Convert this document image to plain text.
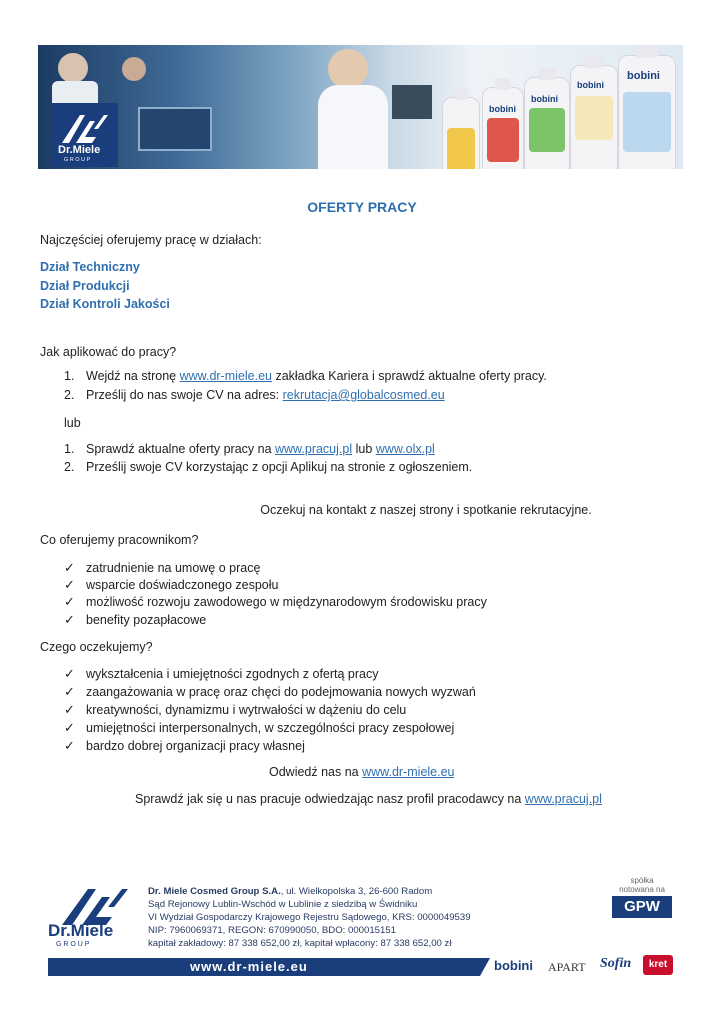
bobini
bobini
bobini
bobini
Dr.Miele
G R O U P
OFERTY PRACY
Najczęściej oferujemy pracę w działach:
Dział Techniczny
Dział Produkcji
Dział Kontroli Jakości
Jak aplikować do pracy?
1. Wejdź na stronę www.dr-miele.eu zakładka Kariera i sprawdź aktualne oferty pracy.
2. Prześlij do nas swoje CV na adres: rekrutacja@globalcosmed.eu
lub
1. Sprawdź aktualne oferty pracy na www.pracuj.pl lub www.olx.pl
2. Prześlij swoje CV korzystając z opcji Aplikuj na stronie z ogłoszeniem.
Oczekuj na kontakt z naszej strony i spotkanie rekrutacyjne.
Co oferujemy pracownikom?
✓ zatrudnienie na umowę o pracę
✓ wsparcie doświadczonego zespołu
✓ możliwość rozwoju zawodowego w międzynarodowym środowisku pracy
✓ benefity pozapłacowe
Czego oczekujemy?
✓ wykształcenia i umiejętności zgodnych z ofertą pracy
✓ zaangażowania w pracę oraz chęci do podejmowania nowych wyzwań
✓ kreatywności, dynamizmu i wytrwałości w dążeniu do celu
✓ umiejętności interpersonalnych, w szczególności pracy zespołowej
✓ bardzo dobrej organizacji pracy własnej
Odwiedź nas na www.dr-miele.eu
Sprawdź jak się u nas pracuje odwiedzając nasz profil pracodawcy na www.pracuj.pl
Dr.Miele
G R O U P
Dr. Miele Cosmed Group S.A., ul. Wielkopolska 3, 26-600 Radom
Sąd Rejonowy Lublin-Wschód w Lublinie z siedzibą w Świdniku
VI Wydział Gospodarczy Krajowego Rejestru Sądowego, KRS: 0000049539
NIP: 7960069371, REGON: 670990050, BDO: 000015151
kapitał zakładowy: 87 338 652,00 zł, kapitał wpłacony: 87 338 652,00 zł
spółka
notowana na
GPW
www.dr-miele.eu	bobini APART Sofin	kret
